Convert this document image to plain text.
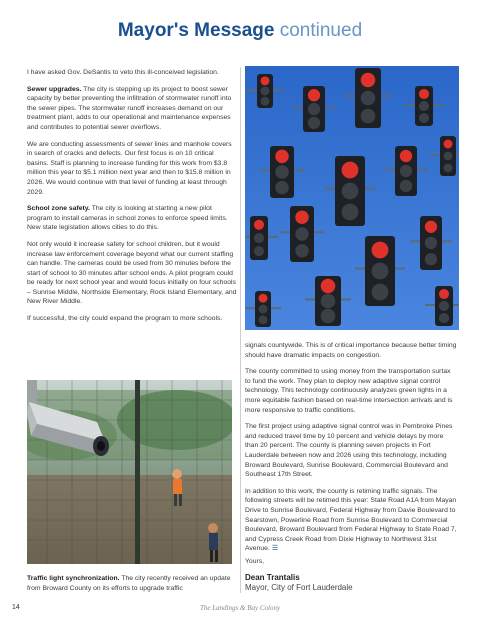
Mayor's Message continued

I have asked Gov. DeSantis to veto this ill-conceived legislation.

Sewer upgrades. The city is stepping up its project to boost sewer capacity by better preventing the infiltration of stormwater runoff into the sewer pipes. The stormwater runoff increases demand on our treatment plant, adds to our operational and maintenance expenses and contributes to potential sewer overflows.

We are conducting assessments of sewer lines and manhole covers in search of cracks and defects. Our first focus is on 10 critical basins. Staff is planning to increase funding for this work from $3.8 million this year to $5.1 million next year and then to $15.8 million in 2026. We would continue with that level of funding at least through 2029.

School zone safety. The city is looking at starting a new pilot program to install cameras in school zones to enforce speed limits. New state legislation allows cities to do this.

Not only would it increase safety for school children, but it would increase law enforcement coverage beyond what our current staffing can handle. The cameras could be used from 30 minutes before the start of school to 30 minutes after school ends. A pilot program could be ready for next school year and would focus initially on four schools – Sunrise Middle, Northside Elementary, Rock Island Elementary, and New River Middle.

If successful, the city could expand the program to more schools.

Traffic light synchronization. The city recently received an update from Broward County on its efforts to upgrade traffic

signals countywide. This is of critical importance because better timing should have dramatic impacts on congestion.

The county committed to using money from the transportation surtax to fund the work. They plan to deploy new adaptive signal control technology. This technology continuously analyzes green lights in a more equitable fashion based on real-time intersection arrivals and is more responsive to traffic conditions.

The first project using adaptive signal control was in Pembroke Pines and reduced travel time by 10 percent and vehicle delays by more than 20 percent. The county is planning seven projects in Fort Lauderdale between now and 2026 using this technology, including Broward Boulevard, Sunrise Boulevard, Commercial Boulevard and Southeast 17th Street.

In addition to this work, the county is retiming traffic signals. The following streets will be retimed this year: State Road A1A from Mayan Drive to Sunrise Boulevard, Federal Highway from Davie Boulevard to Searstown, Powerline Road from Sunrise Boulevard to Commercial Boulevard, Broward Boulevard from Federal Highway to State Road 7, and Cypress Creek Road from Dixie Highway to Northwest 31st Avenue. ☰

Yours,
Dean Trantalis
Mayor, City of Fort Lauderdale
14	The Landings & Bay Colony
